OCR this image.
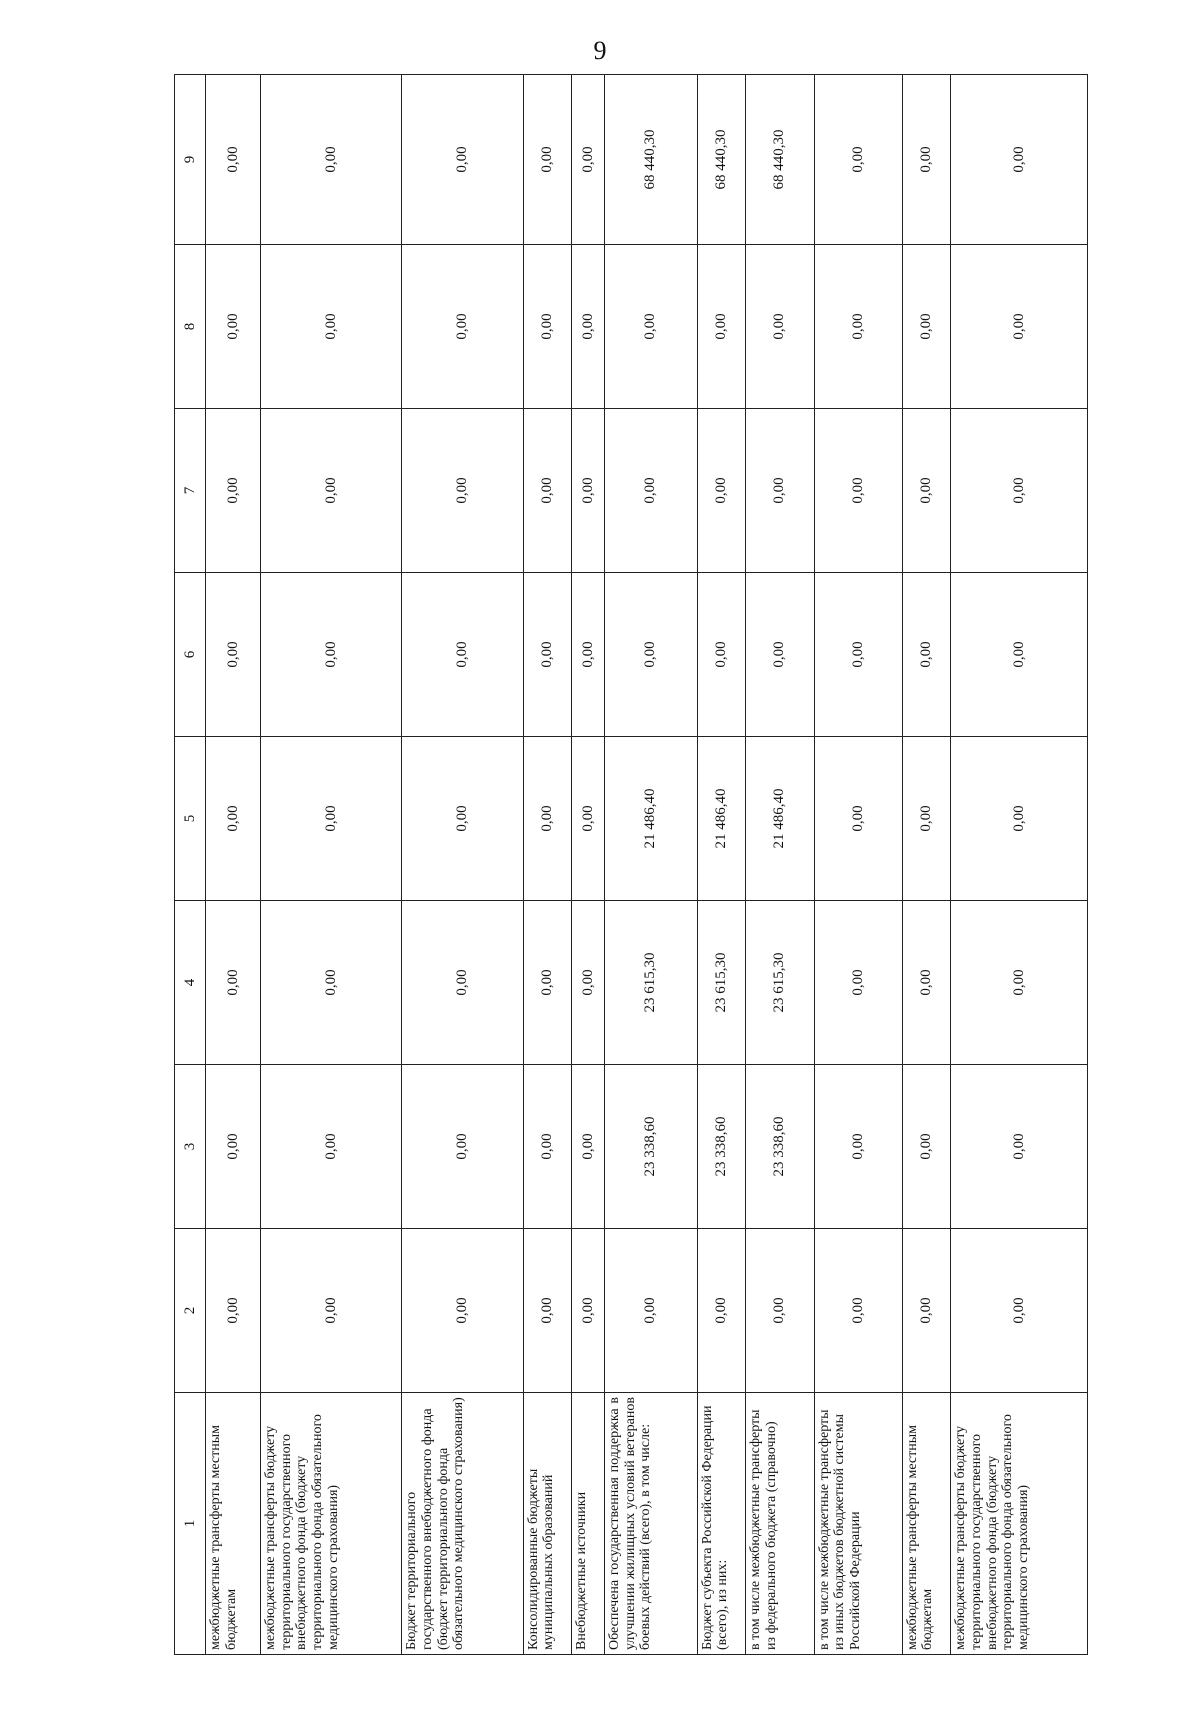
9
1	2	3	4	5	6	7	8	9
межбюджетные трансферты местным бюджетам	0,00	0,00	0,00	0,00	0,00	0,00	0,00	0,00
межбюджетные трансферты бюджету территориального государственного внебюджетного фонда (бюджету территориального фонда обязательного медицинского страхования)	0,00	0,00	0,00	0,00	0,00	0,00	0,00	0,00
Бюджет территориального государственного внебюджетного фонда (бюджет территориального фонда обязательного медицинского страхования)	0,00	0,00	0,00	0,00	0,00	0,00	0,00	0,00
Консолидированные бюджеты муниципальных образований	0,00	0,00	0,00	0,00	0,00	0,00	0,00	0,00
Внебюджетные источники	0,00	0,00	0,00	0,00	0,00	0,00	0,00	0,00
Обеспечена государственная поддержка в улучшении жилищных условий ветеранов боевых действий (всего), в том числе:	0,00	23 338,60	23 615,30	21 486,40	0,00	0,00	0,00	68 440,30
Бюджет субъекта Российской Федерации (всего), из них:	0,00	23 338,60	23 615,30	21 486,40	0,00	0,00	0,00	68 440,30
в том числе межбюджетные трансферты из федерального бюджета (справочно)	0,00	23 338,60	23 615,30	21 486,40	0,00	0,00	0,00	68 440,30
в том числе межбюджетные трансферты из иных бюджетов бюджетной системы Российской Федерации	0,00	0,00	0,00	0,00	0,00	0,00	0,00	0,00
межбюджетные трансферты местным бюджетам	0,00	0,00	0,00	0,00	0,00	0,00	0,00	0,00
межбюджетные трансферты бюджету территориального государственного внебюджетного фонда (бюджету территориального фонда обязательного медицинского страхования)	0,00	0,00	0,00	0,00	0,00	0,00	0,00	0,00
